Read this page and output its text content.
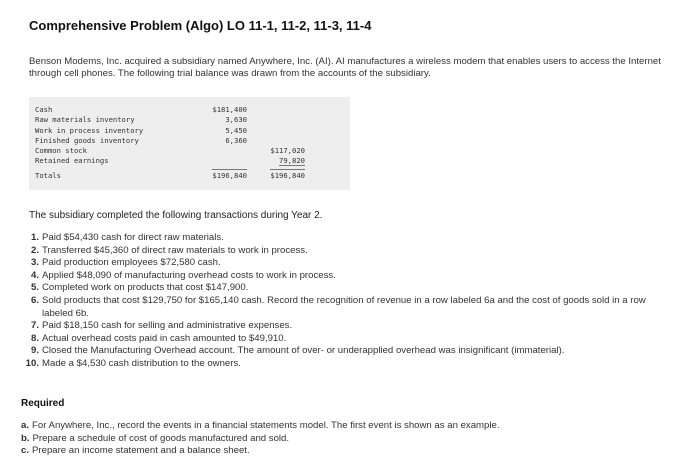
Comprehensive Problem (Algo) LO 11-1, 11-2, 11-3, 11-4
Benson Modems, Inc. acquired a subsidiary named Anywhere, Inc. (AI). AI manufactures a wireless modem that enables users to access the Internet through cell phones. The following trial balance was drawn from the accounts of the subsidiary.
Cash	$181,400	
Raw materials inventory	3,630	
Work in process inventory	5,450	
Finished goods inventory	6,360	
Common stock		$117,020
Retained earnings		79,820
Totals	$196,840	$196,840
The subsidiary completed the following transactions during Year 2.
1. Paid $54,430 cash for direct raw materials.
2. Transferred $45,360 of direct raw materials to work in process.
3. Paid production employees $72,580 cash.
4. Applied $48,090 of manufacturing overhead costs to work in process.
5. Completed work on products that cost $147,900.
6. Sold products that cost $129,750 for $165,140 cash. Record the recognition of revenue in a row labeled 6a and the cost of goods sold in a row labeled 6b.
7. Paid $18,150 cash for selling and administrative expenses.
8. Actual overhead costs paid in cash amounted to $49,910.
9. Closed the Manufacturing Overhead account. The amount of over- or underapplied overhead was insignificant (immaterial).
10. Made a $4,530 cash distribution to the owners.
Required
a. For Anywhere, Inc., record the events in a financial statements model. The first event is shown as an example.
b. Prepare a schedule of cost of goods manufactured and sold.
c. Prepare an income statement and a balance sheet.
